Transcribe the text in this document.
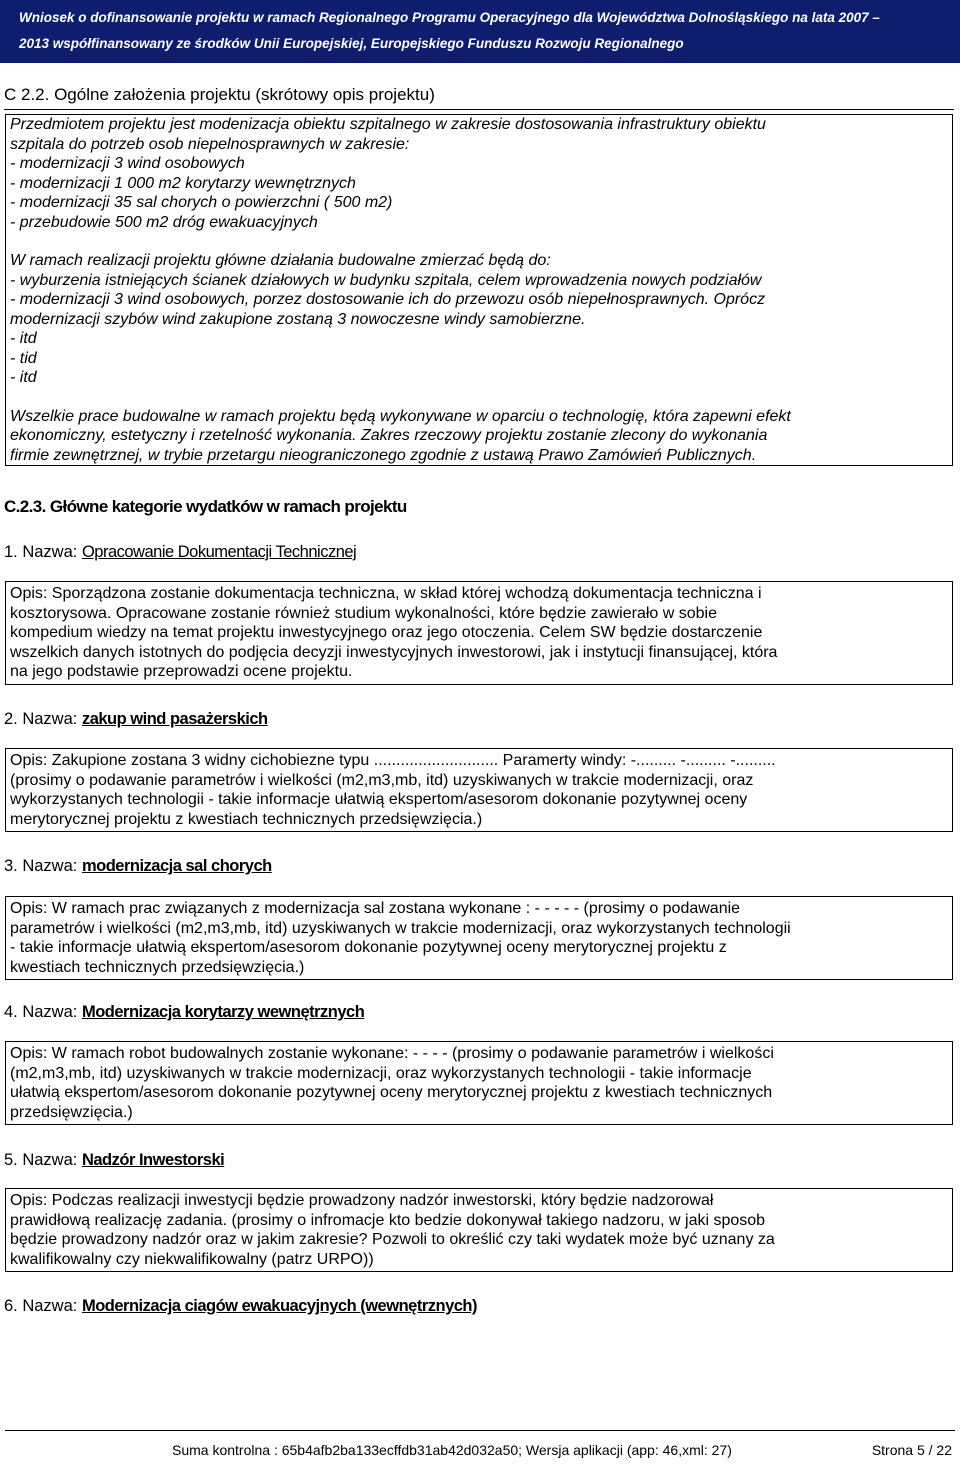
Wniosek o dofinansowanie projektu w ramach Regionalnego Programu Operacyjnego dla Województwa Dolnośląskiego na lata 2007 –
2013 współfinansowany ze środków Unii Europejskiej, Europejskiego Funduszu Rozwoju Regionalnego
C 2.2. Ogólne założenia projektu (skrótowy opis projektu)

Przedmiotem projektu jest modenizacja obiektu szpitalnego w zakresie dostosowania infrastruktury obiektu

szpitala do potrzeb osob niepelnosprawnych w zakresie:

- modernizacji 3 wind osobowych

- modernizacji 1 000 m2 korytarzy wewnętrznych

- modernizacji 35 sal chorych o powierzchni ( 500 m2)

- przebudowie 500 m2 dróg ewakuacyjnych

W ramach realizacji projektu główne działania budowalne zmierzać będą do:

- wyburzenia istniejących ścianek działowych w budynku szpitala, celem wprowadzenia nowych podziałów

- modernizacji 3 wind osobowych, porzez dostosowanie ich do przewozu osób niepełnosprawnych. Oprócz

modernizacji szybów wind zakupione zostaną 3 nowoczesne windy samobierzne.

- itd

- tid

- itd

Wszelkie prace budowalne w ramach projektu będą wykonywane w oparciu o technologię, która zapewni efekt

ekonomiczny, estetyczny i rzetelność wykonania. Zakres rzeczowy projektu zostanie zlecony do wykonania

firmie zewnętrznej, w trybie przetargu nieograniczonego zgodnie z ustawą Prawo Zamówień Publicznych.

C.2.3. Główne kategorie wydatków w ramach projektu
1. Nazwa: Opracowanie Dokumentacji Technicznej
Opis: Sporządzona zostanie dokumentacja techniczna, w skład której wchodzą dokumentacja techniczna i
kosztorysowa. Opracowane zostanie również studium wykonalności, które będzie zawierało w sobie
kompedium wiedzy na temat projektu inwestycyjnego oraz jego otoczenia. Celem SW będzie dostarczenie
wszelkich danych istotnych do podjęcia decyzji inwestycyjnych inwestorowi, jak i instytucji finansującej, która
na jego podstawie przeprowadzi ocene projektu.
2. Nazwa: zakup wind pasażerskich
Opis: Zakupione zostana 3 widny cichobiezne typu ............................ Paramerty windy: -......... -......... -.........
(prosimy o podawanie parametrów i wielkości (m2,m3,mb, itd) uzyskiwanych w trakcie modernizacji, oraz
wykorzystanych technologii - takie informacje ułatwią ekspertom/asesorom dokonanie pozytywnej oceny
merytorycznej projektu z kwestiach technicznych przedsięwzięcia.)
3. Nazwa: modernizacja sal chorych
Opis: W ramach prac związanych z modernizacja sal zostana wykonane : - - - - - (prosimy o podawanie
parametrów i wielkości (m2,m3,mb, itd) uzyskiwanych w trakcie modernizacji, oraz wykorzystanych technologii
- takie informacje ułatwią ekspertom/asesorom dokonanie pozytywnej oceny merytorycznej projektu z
kwestiach technicznych przedsięwzięcia.)
4. Nazwa: Modernizacja korytarzy wewnętrznych
Opis: W ramach robot budowalnych zostanie wykonane: - - - - (prosimy o podawanie parametrów i wielkości
(m2,m3,mb, itd) uzyskiwanych w trakcie modernizacji, oraz wykorzystanych technologii - takie informacje
ułatwią ekspertom/asesorom dokonanie pozytywnej oceny merytorycznej projektu z kwestiach technicznych
przedsięwzięcia.)
5. Nazwa: Nadzór Inwestorski
Opis: Podczas realizacji inwestycji będzie prowadzony nadzór inwestorski, który będzie nadzorował
prawidłową realizację zadania. (prosimy o infromacje kto bedzie dokonywał takiego nadzoru, w jaki sposob
będzie prowadzony nadzór oraz w jakim zakresie? Pozwoli to określić czy taki wydatek może być uznany za
kwalifikowalny czy niekwalifikowalny (patrz URPO))
6. Nazwa: Modernizacja ciagów ewakuacyjnych (wewnętrznych)
Suma kontrolna : 65b4afb2ba133ecffdb31ab42d032a50; Wersja aplikacji (app: 46,xml: 27)	Strona 5 / 22
